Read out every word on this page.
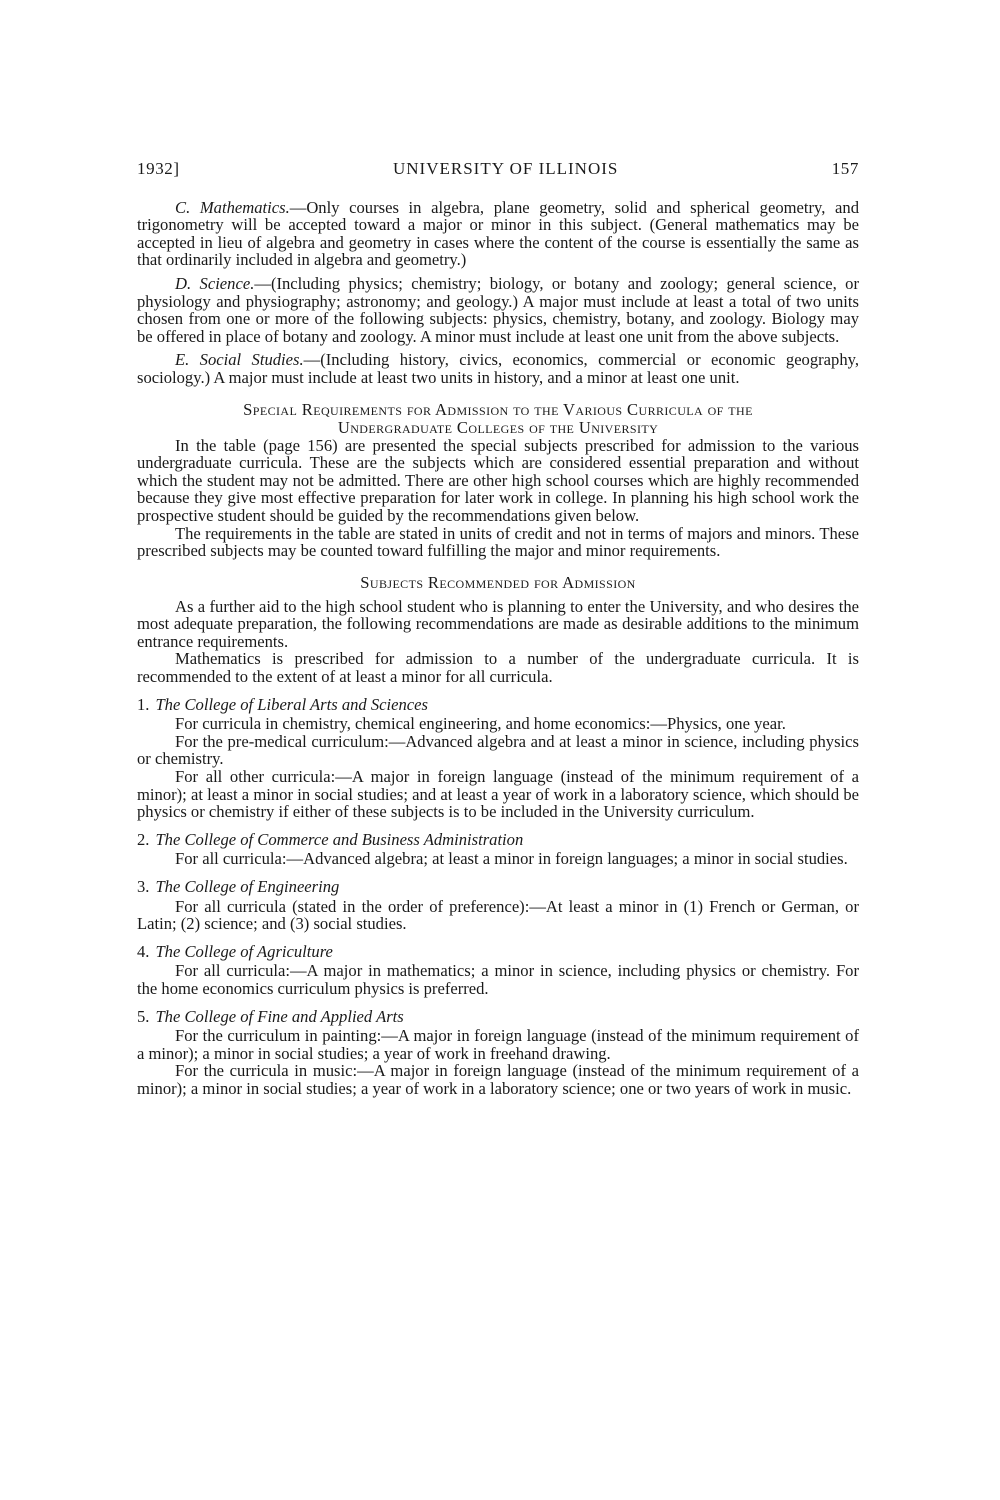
1932]	UNIVERSITY OF ILLINOIS	157

C. Mathematics.—Only courses in algebra, plane geometry, solid and spherical geometry, and trigonometry will be accepted toward a major or minor in this subject. (General mathematics may be accepted in lieu of algebra and geometry in cases where the content of the course is essentially the same as that ordinarily included in algebra and geometry.)

D. Science.—(Including physics; chemistry; biology, or botany and zoology; general science, or physiology and physiography; astronomy; and geology.) A major must include at least a total of two units chosen from one or more of the following subjects: physics, chemistry, botany, and zoology. Biology may be offered in place of botany and zoology. A minor must include at least one unit from the above subjects.

E. Social Studies.—(Including history, civics, economics, commercial or economic geography, sociology.) A major must include at least two units in history, and a minor at least one unit.

Special Requirements for Admission to the Various Curricula of the
Undergraduate Colleges of the University

In the table (page 156) are presented the special subjects prescribed for admission to the various undergraduate curricula. These are the subjects which are considered essential preparation and without which the student may not be admitted. There are other high school courses which are highly recommended because they give most effective preparation for later work in college. In planning his high school work the prospective student should be guided by the recommendations given below.

The requirements in the table are stated in units of credit and not in terms of majors and minors. These prescribed subjects may be counted toward fulfilling the major and minor requirements.

Subjects Recommended for Admission

As a further aid to the high school student who is planning to enter the University, and who desires the most adequate preparation, the following recommendations are made as desirable additions to the minimum entrance requirements.

Mathematics is prescribed for admission to a number of the undergraduate curricula. It is recommended to the extent of at least a minor for all curricula.

1. The College of Liberal Arts and Sciences

For curricula in chemistry, chemical engineering, and home economics:—Physics, one year.

For the pre-medical curriculum:—Advanced algebra and at least a minor in science, including physics or chemistry.

For all other curricula:—A major in foreign language (instead of the minimum requirement of a minor); at least a minor in social studies; and at least a year of work in a laboratory science, which should be physics or chemistry if either of these subjects is to be included in the University curriculum.

2. The College of Commerce and Business Administration

For all curricula:—Advanced algebra; at least a minor in foreign languages; a minor in social studies.

3. The College of Engineering

For all curricula (stated in the order of preference):—At least a minor in (1) French or German, or Latin; (2) science; and (3) social studies.

4. The College of Agriculture

For all curricula:—A major in mathematics; a minor in science, including physics or chemistry. For the home economics curriculum physics is preferred.

5. The College of Fine and Applied Arts

For the curriculum in painting:—A major in foreign language (instead of the minimum requirement of a minor); a minor in social studies; a year of work in freehand drawing.

For the curricula in music:—A major in foreign language (instead of the minimum requirement of a minor); a minor in social studies; a year of work in a laboratory science; one or two years of work in music.
